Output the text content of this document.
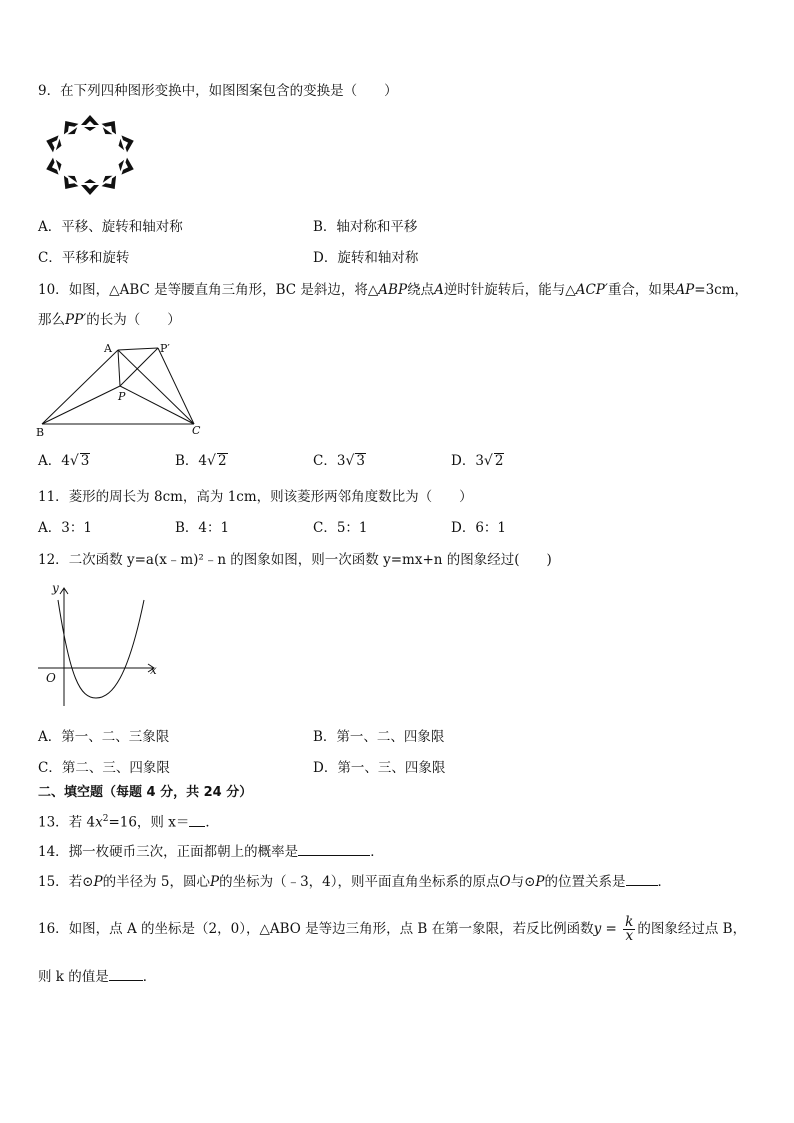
9．在下列四种图形变换中，如图图案包含的变换是（　　）
A．平移、旋转和轴对称	B．轴对称和平移
C．平移和旋转	D．旋转和轴对称
10．如图，△ABC 是等腰直角三角形，BC 是斜边，将△ABP绕点A逆时针旋转后，能与△ACP′重合，如果AP=3cm，
那么PP′的长为（　　）
A	P′
P
B	C
A．4√ 3	B．4√ 2	C．3√ 3	D．3√ 2
11．菱形的周长为 8cm，高为 1cm，则该菱形两邻角度数比为（　　）
A．3：1	B．4：1	C．5：1	D．6：1
12．二次函数 y=a(x﹣m)²﹣n 的图象如图，则一次函数 y=mx+n 的图象经过(　　)
y
x
O
A．第一、二、三象限	B．第一、二、四象限
C．第二、三、四象限	D．第一、三、四象限
二、填空题（每题 4 分，共 24 分）
13．若 $4x^2=16$，则 x＝ ．
14．掷一枚硬币三次，正面都朝上的概率是	．
15．若⊙P的半径为 5，圆心P的坐标为（﹣3，4），则平面直角坐标系的原点O与⊙P的位置关系是 ．
16．如图，点 A 的坐标是（2，0），△ABO 是等边三角形，点 B 在第一象限，若反比例函数$y = \frac{k}{x}$ 的图象经过点 B，
则 k 的值是	．
